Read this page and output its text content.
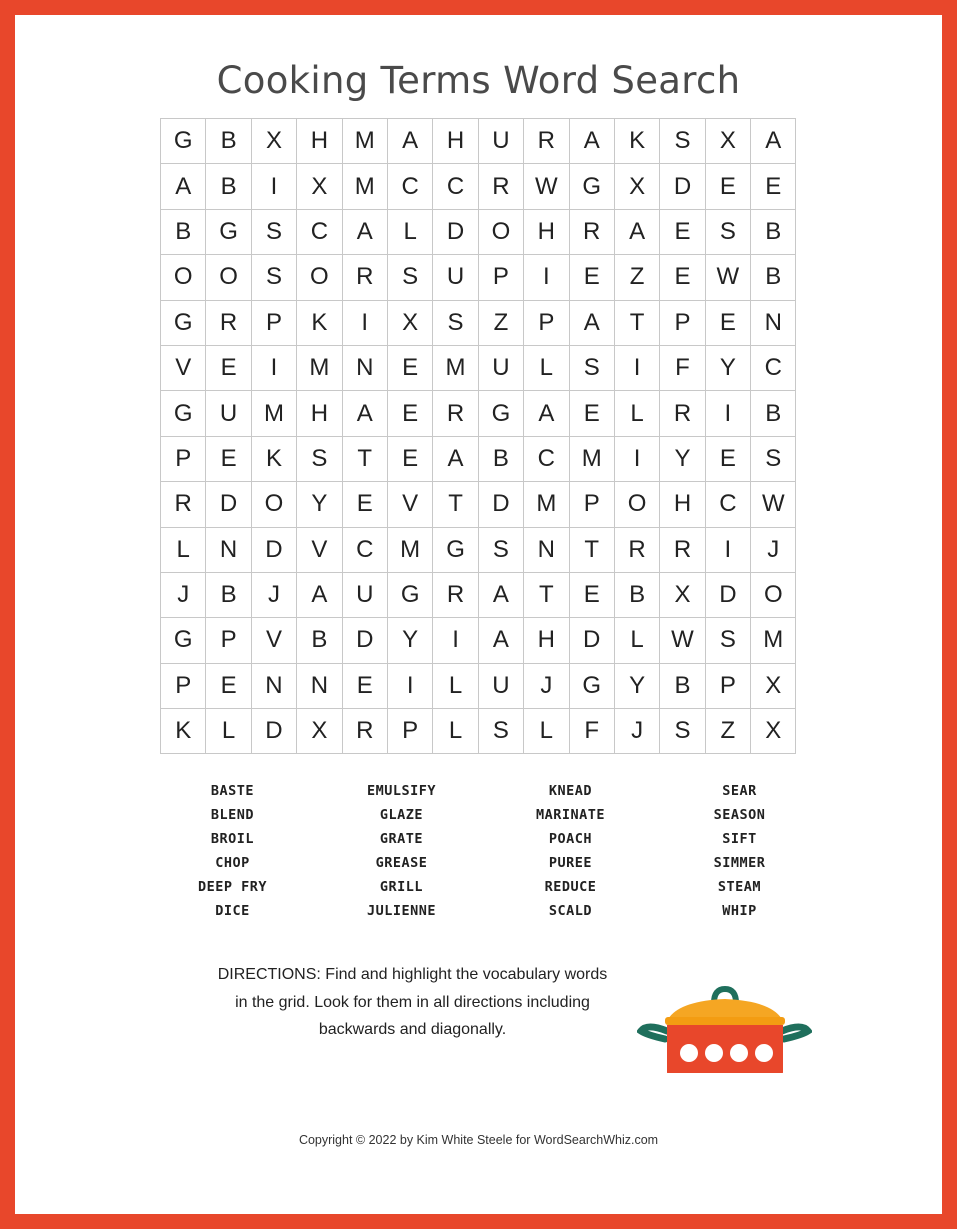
Cooking Terms Word Search
G	B	X	H	M	A	H	U	R	A	K	S	X	A
A	B	I	X	M	C	C	R	W	G	X	D	E	E
B	G	S	C	A	L	D	O	H	R	A	E	S	B
O	O	S	O	R	S	U	P	I	E	Z	E	W	B
G	R	P	K	I	X	S	Z	P	A	T	P	E	N
V	E	I	M	N	E	M	U	L	S	I	F	Y	C
G	U	M	H	A	E	R	G	A	E	L	R	I	B
P	E	K	S	T	E	A	B	C	M	I	Y	E	S
R	D	O	Y	E	V	T	D	M	P	O	H	C	W
L	N	D	V	C	M	G	S	N	T	R	R	I	J
J	B	J	A	U	G	R	A	T	E	B	X	D	O
G	P	V	B	D	Y	I	A	H	D	L	W	S	M
P	E	N	N	E	I	L	U	J	G	Y	B	P	X
K	L	D	X	R	P	L	S	L	F	J	S	Z	X
BASTE
BLEND
BROIL
CHOP
DEEP FRY
DICE
EMULSIFY
GLAZE
GRATE
GREASE
GRILL
JULIENNE
KNEAD
MARINATE
POACH
PUREE
REDUCE
SCALD
SEAR
SEASON
SIFT
SIMMER
STEAM
WHIP
DIRECTIONS: Find and highlight the vocabulary words
in the grid. Look for them in all directions including
backwards and diagonally.
Copyright © 2022 by Kim White Steele for WordSearchWhiz.com
